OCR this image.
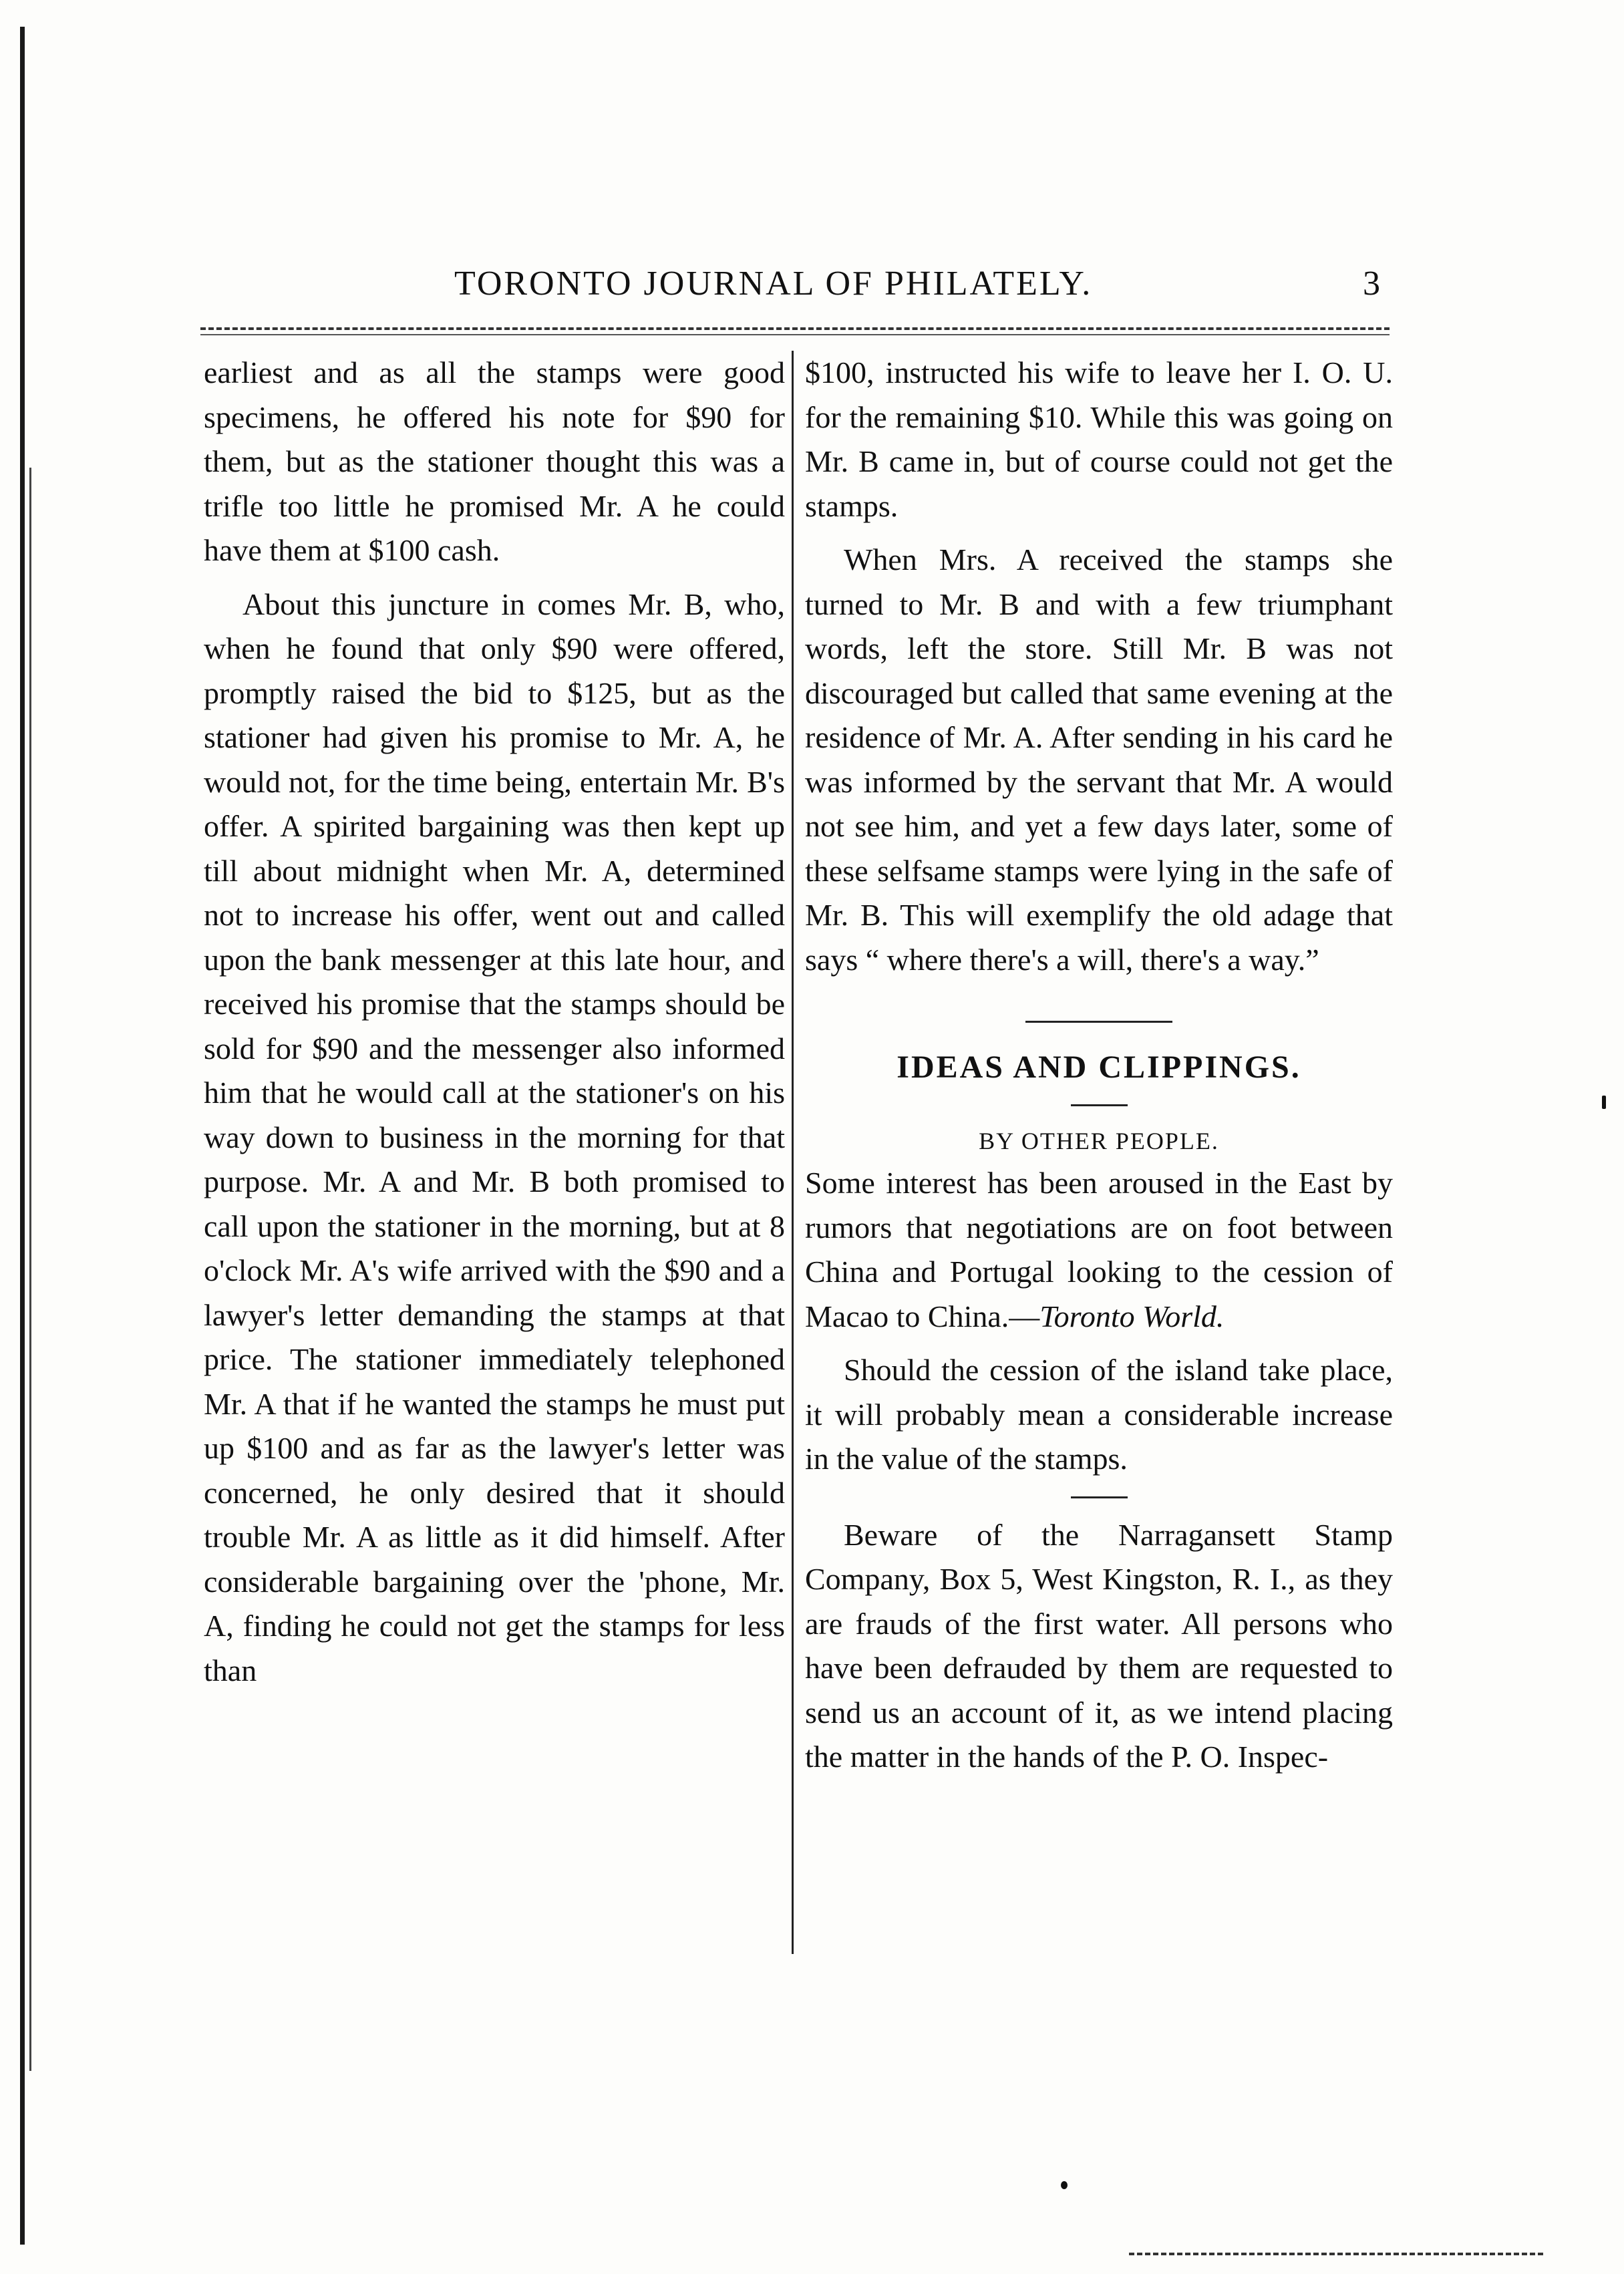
TORONTO JOURNAL OF PHILATELY.	3

earliest and as all the stamps were good specimens, he offered his note for $90 for them, but as the stationer thought this was a trifle too little he promised Mr. A he could have them at $100 cash.

About this juncture in comes Mr. B, who, when he found that only $90 were offered, promptly raised the bid to $125, but as the stationer had given his promise to Mr. A, he would not, for the time being, entertain Mr. B's offer. A spirited bargaining was then kept up till about midnight when Mr. A, determined not to increase his offer, went out and called upon the bank messenger at this late hour, and received his promise that the stamps should be sold for $90 and the messenger also informed him that he would call at the stationer's on his way down to business in the morning for that purpose. Mr. A and Mr. B both promised to call upon the stationer in the morning, but at 8 o'clock Mr. A's wife arrived with the $90 and a lawyer's letter demanding the stamps at that price. The stationer immediately telephoned Mr. A that if he wanted the stamps he must put up $100 and as far as the lawyer's letter was concerned, he only desired that it should trouble Mr. A as little as it did himself. After considerable bargaining over the 'phone, Mr. A, finding he could not get the stamps for less than

$100, instructed his wife to leave her I. O. U. for the remaining $10. While this was going on Mr. B came in, but of course could not get the stamps.

When Mrs. A received the stamps she turned to Mr. B and with a few triumphant words, left the store. Still Mr. B was not discouraged but called that same evening at the residence of Mr. A. After sending in his card he was informed by the servant that Mr. A would not see him, and yet a few days later, some of these selfsame stamps were lying in the safe of Mr. B. This will exemplify the old adage that says “ where there's a will, there's a way.”

IDEAS AND CLIPPINGS.
BY OTHER PEOPLE.

Some interest has been aroused in the East by rumors that negotiations are on foot between China and Portugal looking to the cession of Macao to China.—Toronto World.

Should the cession of the island take place, it will probably mean a considerable increase in the value of the stamps.

Beware of the Narragansett Stamp Company, Box 5, West Kingston, R. I., as they are frauds of the first water. All persons who have been defrauded by them are requested to send us an account of it, as we intend placing the matter in the hands of the P. O. Inspec-
